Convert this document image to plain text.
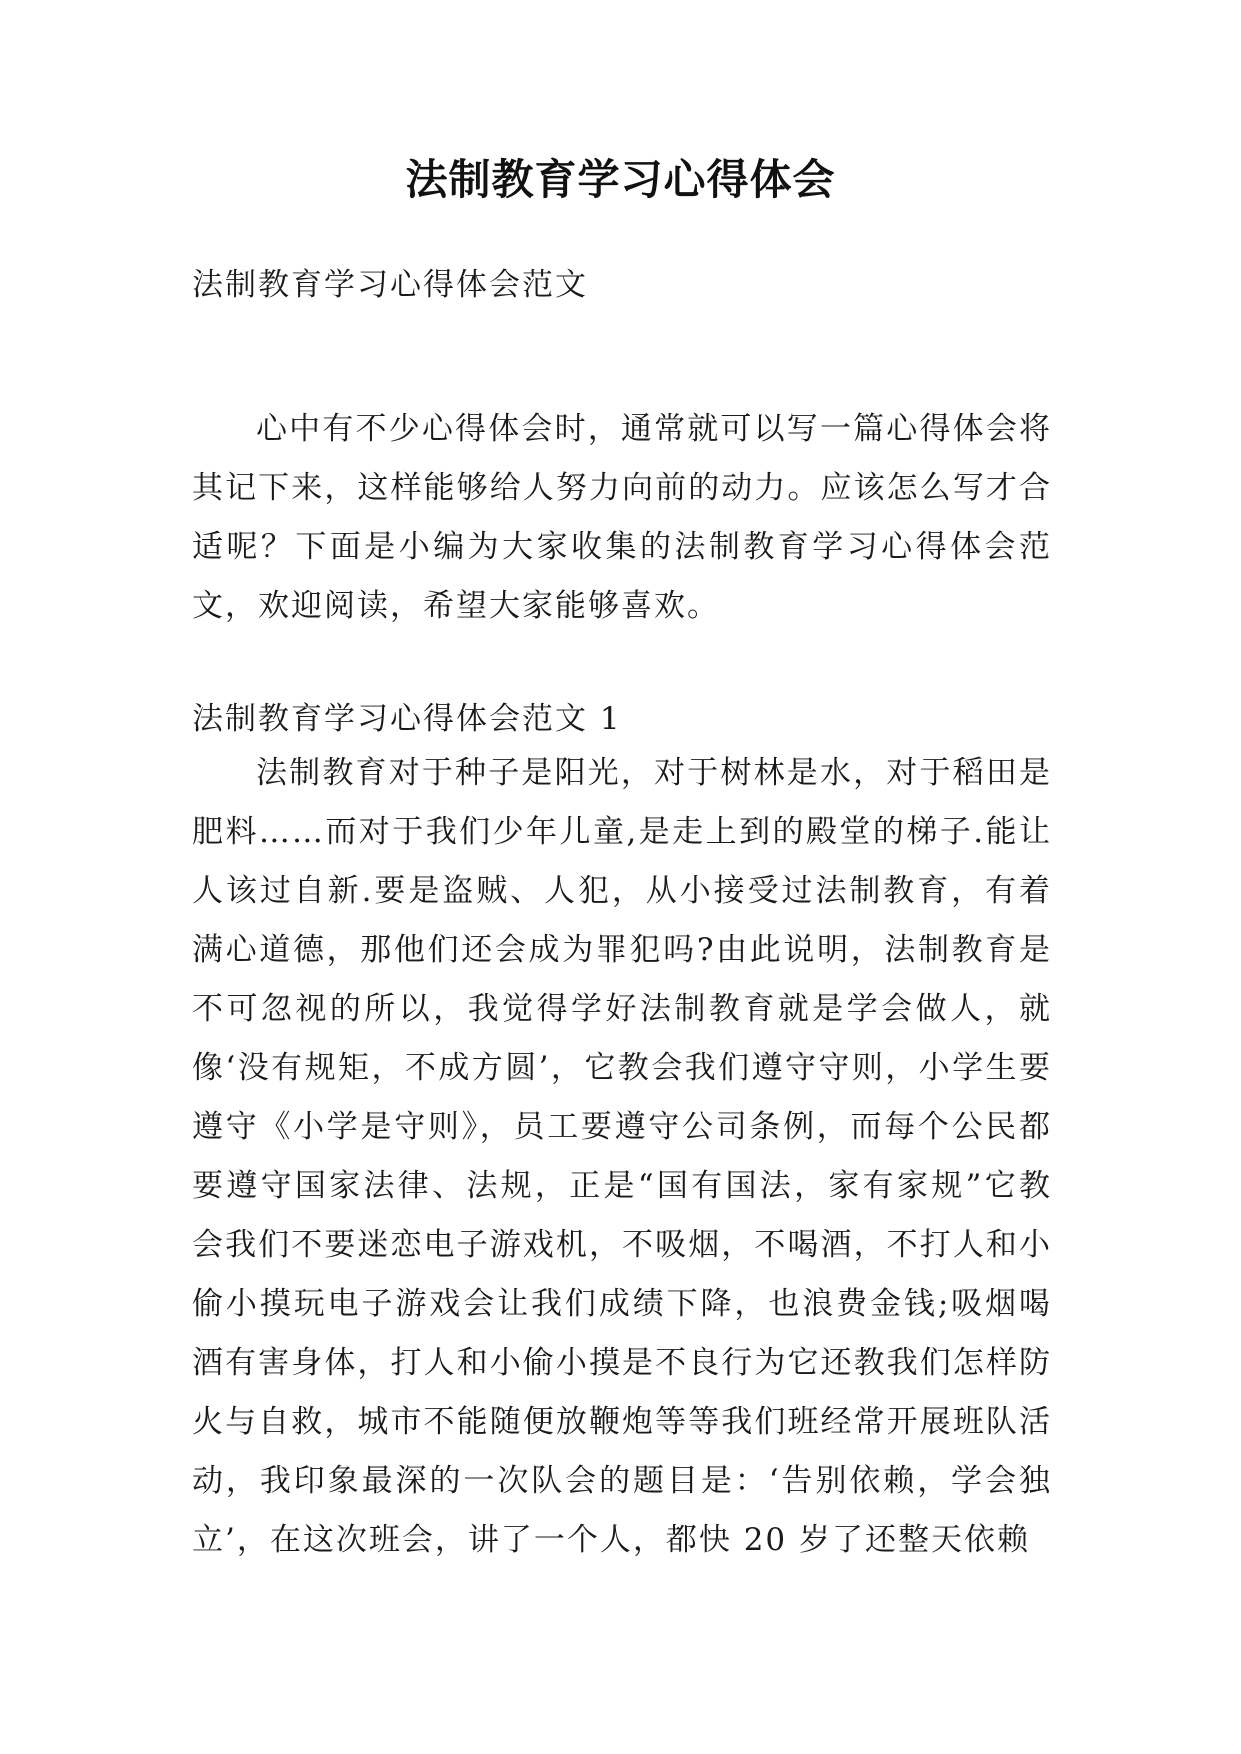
法制教育学习心得体会

法制教育学习心得体会范文

心中有不少心得体会时，通常就可以写一篇心得体会将其记下来，这样能够给人努力向前的动力。应该怎么写才合适呢？下面是小编为大家收集的法制教育学习心得体会范文，欢迎阅读，希望大家能够喜欢。

法制教育学习心得体会范文 1

法制教育对于种子是阳光，对于树林是水，对于稻田是肥料……而对于我们少年儿童,是走上到的殿堂的梯子.能让人该过自新.要是盗贼、人犯，从小接受过法制教育，有着满心道德，那他们还会成为罪犯吗?由此说明，法制教育是不可忽视的所以，我觉得学好法制教育就是学会做人，就像‘没有规矩，不成方圆’，它教会我们遵守守则，小学生要遵守《小学是守则》，员工要遵守公司条例，而每个公民都要遵守国家法律、法规，正是“国有国法，家有家规”它教会我们不要迷恋电子游戏机，不吸烟，不喝酒，不打人和小偷小摸玩电子游戏会让我们成绩下降，也浪费金钱;吸烟喝酒有害身体，打人和小偷小摸是不良行为它还教我们怎样防火与自救，城市不能随便放鞭炮等等我们班经常开展班队活动，我印象最深的一次队会的题目是：‘告别依赖，学会独立’，在这次班会，讲了一个人，都快 20 岁了还整天依赖
